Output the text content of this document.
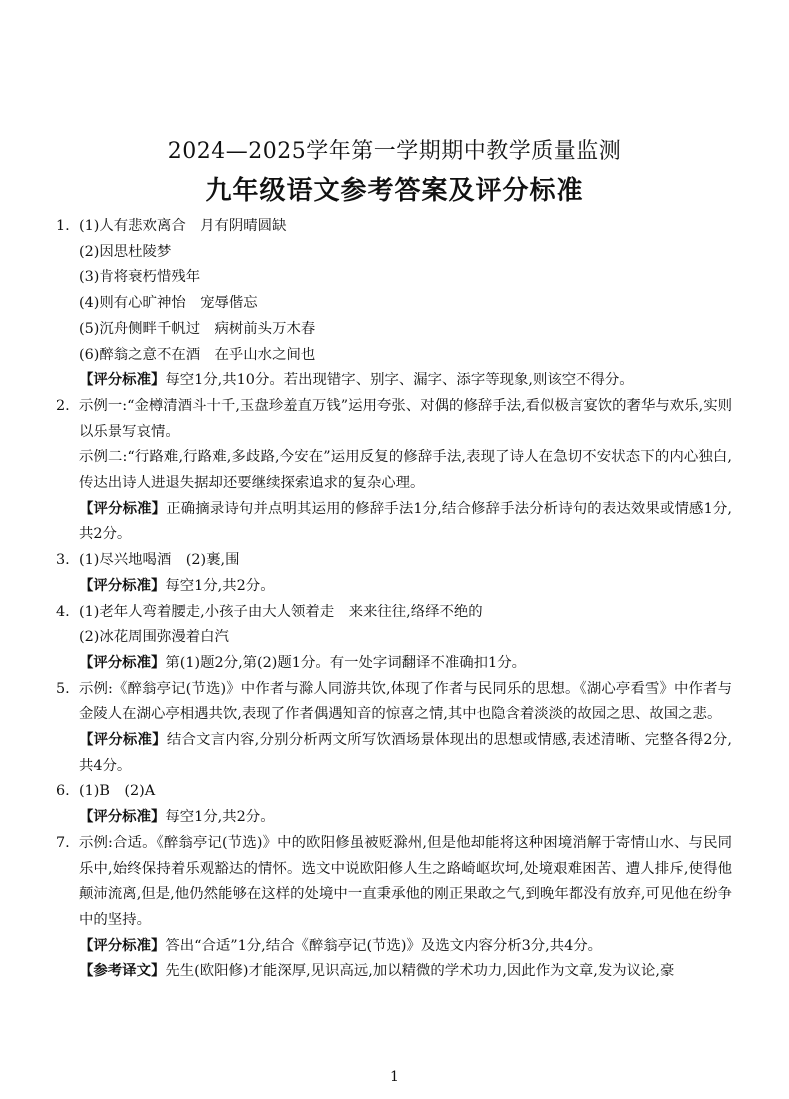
2024—2025学年第一学期期中教学质量监测
九年级语文参考答案及评分标准
1. (1)人有悲欢离合　月有阴晴圆缺
(2)因思杜陵梦
(3)肯将衰朽惜残年
(4)则有心旷神怡　宠辱偕忘
(5)沉舟侧畔千帆过　病树前头万木春
(6)醉翁之意不在酒　在乎山水之间也
【评分标准】每空1分,共10分。若出现错字、别字、漏字、添字等现象,则该空不得分。
2. 示例一:“金樽清酒斗十千,玉盘珍羞直万钱”运用夸张、对偶的修辞手法,看似极言宴饮的奢华与欢乐,实则以乐景写哀情。
示例二:“行路难,行路难,多歧路,今安在”运用反复的修辞手法,表现了诗人在急切不安状态下的内心独白,传达出诗人进退失据却还要继续探索追求的复杂心理。
【评分标准】正确摘录诗句并点明其运用的修辞手法1分,结合修辞手法分析诗句的表达效果或情感1分,共2分。
3. (1)尽兴地喝酒　(2)裹,围
【评分标准】每空1分,共2分。
4. (1)老年人弯着腰走,小孩子由大人领着走　来来往往,络绎不绝的
(2)冰花周围弥漫着白汽
【评分标准】第(1)题2分,第(2)题1分。有一处字词翻译不准确扣1分。
5. 示例:《醉翁亭记(节选)》中作者与滁人同游共饮,体现了作者与民同乐的思想。《湖心亭看雪》中作者与金陵人在湖心亭相遇共饮,表现了作者偶遇知音的惊喜之情,其中也隐含着淡淡的故园之思、故国之悲。
【评分标准】结合文言内容,分别分析两文所写饮酒场景体现出的思想或情感,表述清晰、完整各得2分,共4分。
6. (1)B　(2)A
【评分标准】每空1分,共2分。
7. 示例:合适。《醉翁亭记(节选)》中的欧阳修虽被贬滁州,但是他却能将这种困境消解于寄情山水、与民同乐中,始终保持着乐观豁达的情怀。选文中说欧阳修人生之路崎岖坎坷,处境艰难困苦、遭人排斥,使得他颠沛流离,但是,他仍然能够在这样的处境中一直秉承他的刚正果敢之气,到晚年都没有放弃,可见他在纷争中的坚持。
【评分标准】答出“合适”1分,结合《醉翁亭记(节选)》及选文内容分析3分,共4分。
【参考译文】先生(欧阳修)才能深厚,见识高远,加以精微的学术功力,因此作为文章,发为议论,豪
1
